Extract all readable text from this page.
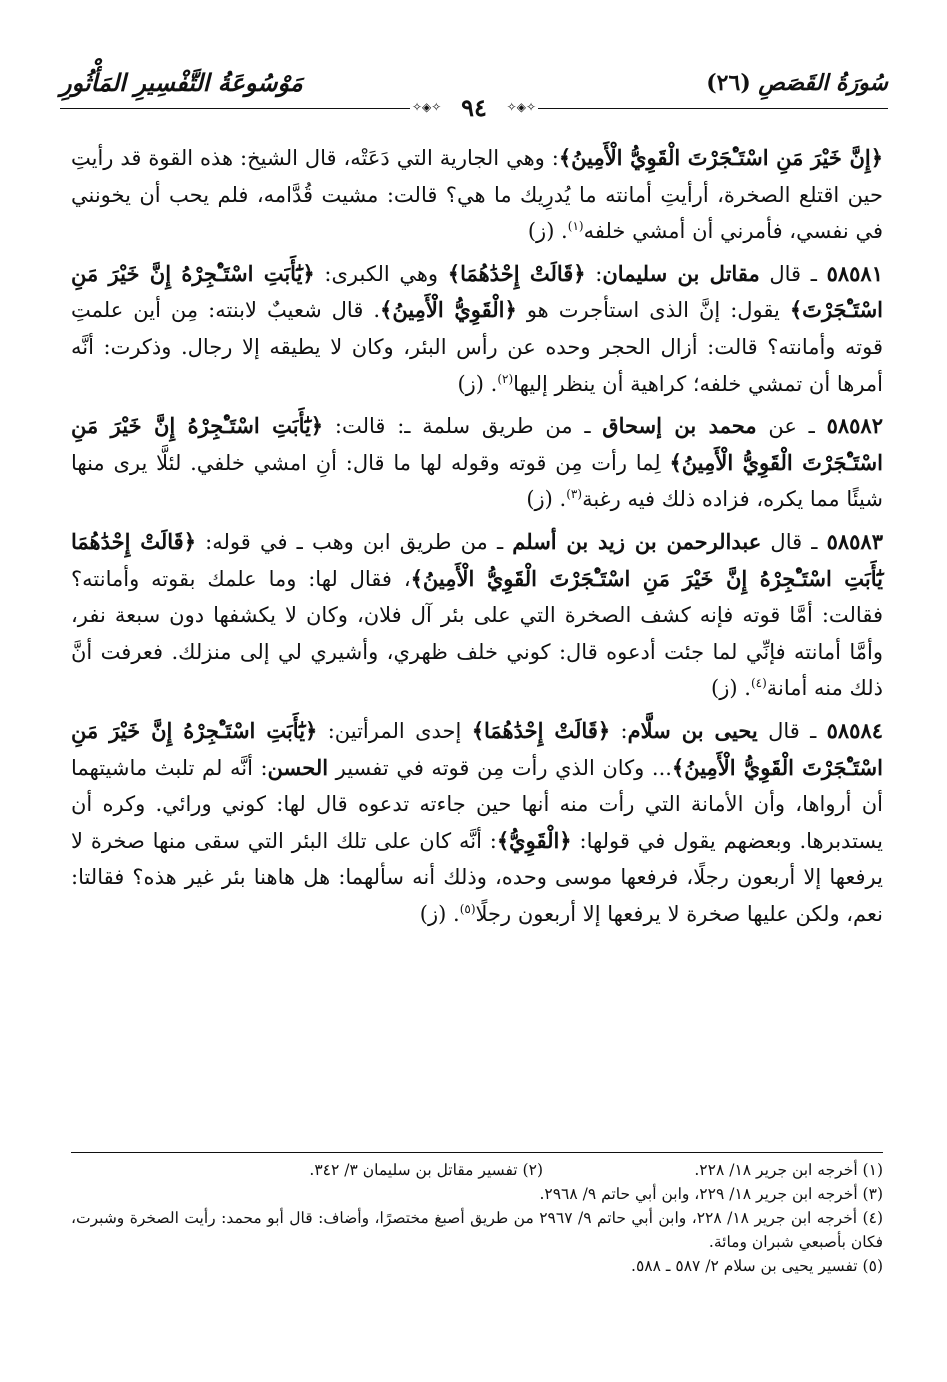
سُورَةُ القَصَصِ (٢٦)
مَوْسُوعَةُ التَّفْسِيرِ المَأْثُورِ
✧◈✧
✧◈✧ ٩٤

﴿إِنَّ خَيْرَ مَنِ اسْتَـْٔجَرْتَ الْقَوِيُّ الْأَمِينُ﴾: وهي الجارية التي دَعَتْه، قال الشيخ: هذه القوة قد رأيتِ حين اقتلع الصخرة، أرأيتِ أمانته ما يُدرِيك ما هي؟ قالت: مشيت قُدَّامه، فلم يحب أن يخونني في نفسي، فأمرني أن أمشي خلفه$^{(١)}$. (ز)

٥٨٥٨١ ـ قال مقاتل بن سليمان: ﴿قَالَتْ إِحْدَٰهُمَا﴾ وهي الكبرى: ﴿يَٰٓأَبَتِ اسْتَـْٔجِرْهُ إِنَّ خَيْرَ مَنِ اسْتَـْٔجَرْتَ﴾ يقول: إنَّ الذى استأجرت هو ﴿الْقَوِيُّ الْأَمِينُ﴾. قال شعيبٌ لابنته: مِن أين علمتِ قوته وأمانته؟ قالت: أزال الحجر وحده عن رأس البئر، وكان لا يطيقه إلا رجال. وذكرت: أنَّه أمرها أن تمشي خلفه؛ كراهية أن ينظر إليها$^{(٢)}$. (ز)

٥٨٥٨٢ ـ عن محمد بن إسحاق ـ من طريق سلمة ـ: قالت: ﴿يَٰٓأَبَتِ اسْتَـْٔجِرْهُ إِنَّ خَيْرَ مَنِ اسْتَـْٔجَرْتَ الْقَوِيُّ الْأَمِينُ﴾ لِما رأت مِن قوته وقوله لها ما قال: أنِ امشي خلفي. لئلَّا يرى منها شيئًا مما يكره، فزاده ذلك فيه رغبة$^{(٣)}$. (ز)

٥٨٥٨٣ ـ قال عبدالرحمن بن زيد بن أسلم ـ من طريق ابن وهب ـ في قوله: ﴿قَالَتْ إِحْدَٰهُمَا يَٰٓأَبَتِ اسْتَـْٔجِرْهُ إِنَّ خَيْرَ مَنِ اسْتَـْٔجَرْتَ الْقَوِيُّ الْأَمِينُ﴾، فقال لها: وما علمك بقوته وأمانته؟ فقالت: أمَّا قوته فإنه كشف الصخرة التي على بئر آل فلان، وكان لا يكشفها دون سبعة نفر، وأمَّا أمانته فإنِّي لما جئت أدعوه قال: كوني خلف ظهري، وأشيري لي إلى منزلك. فعرفت أنَّ ذلك منه أمانة$^{(٤)}$. (ز)

٥٨٥٨٤ ـ قال يحيى بن سلَّام: ﴿قَالَتْ إِحْدَٰهُمَا﴾ إحدى المرأتين: ﴿يَٰٓأَبَتِ اسْتَـْٔجِرْهُ إِنَّ خَيْرَ مَنِ اسْتَـْٔجَرْتَ الْقَوِيُّ الْأَمِينُ﴾... وكان الذي رأت مِن قوته في تفسير الحسن: أنَّه لم تلبث ماشيتهما أن أرواها، وأن الأمانة التي رأت منه أنها حين جاءته تدعوه قال لها: كوني ورائي. وكره أن يستدبرها. وبعضهم يقول في قولها: ﴿الْقَوِيُّ﴾: أنَّه كان على تلك البئر التي سقى منها صخرة لا يرفعها إلا أربعون رجلًا، فرفعها موسى وحده، وذلك أنه سألهما: هل هاهنا بئر غير هذه؟ فقالتا: نعم، ولكن عليها صخرة لا يرفعها إلا أربعون رجلًا$^{(٥)}$. (ز)

(١) أخرجه ابن جرير ١٨/ ٢٢٨.

(٢) تفسير مقاتل بن سليمان ٣/ ٣٤٢.

(٣) أخرجه ابن جرير ١٨/ ٢٢٩، وابن أبي حاتم ٩/ ٢٩٦٨.

(٤) أخرجه ابن جرير ١٨/ ٢٢٨، وابن أبي حاتم ٩/ ٢٩٦٧ من طريق أصبغ مختصرًا، وأضاف: قال أبو محمد: رأيت الصخرة وشبرت، فكان بأصبعي شبران ومائة.

(٥) تفسير يحيى بن سلام ٢/ ٥٨٧ ـ ٥٨٨.
